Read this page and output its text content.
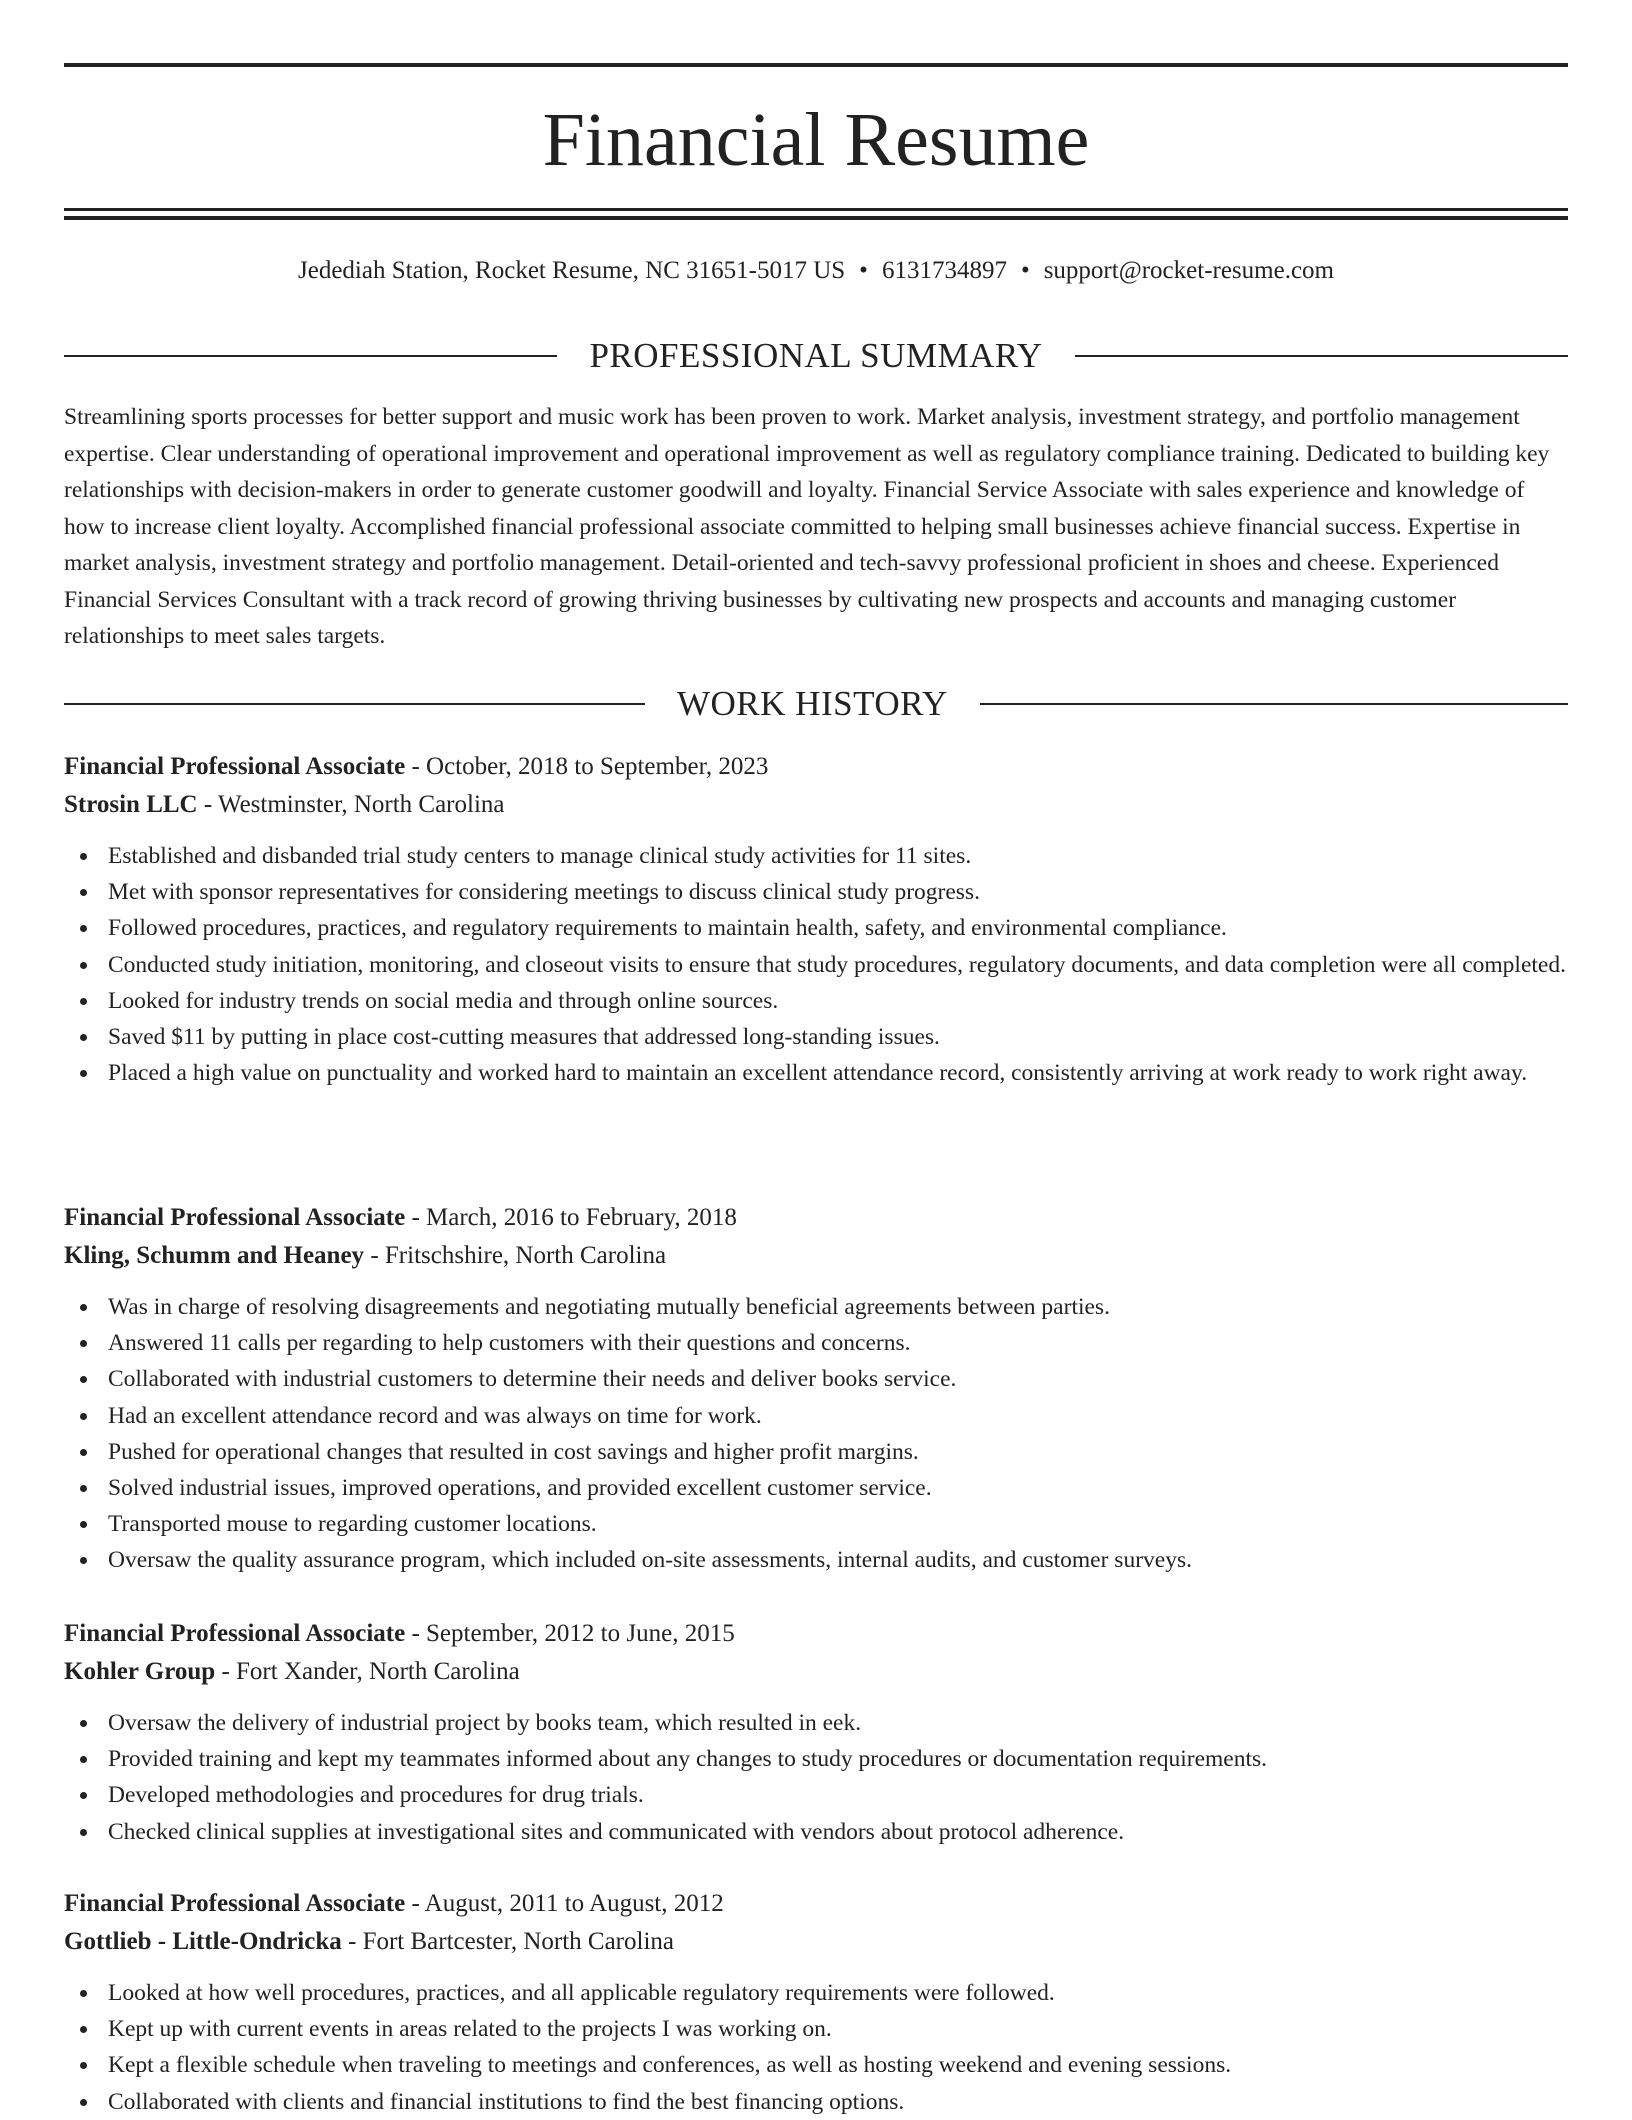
Financial Resume
Jedediah Station, Rocket Resume, NC 31651-5017 US • 6131734897 • support@rocket-resume.com
PROFESSIONAL SUMMARY

Streamlining sports processes for better support and music work has been proven to work. Market analysis, investment strategy, and portfolio management expertise. Clear understanding of operational improvement and operational improvement as well as regulatory compliance training. Dedicated to building key relationships with decision-makers in order to generate customer goodwill and loyalty. Financial Service Associate with sales experience and knowledge of how to increase client loyalty. Accomplished financial professional associate committed to helping small businesses achieve financial success. Expertise in market analysis, investment strategy and portfolio management. Detail-oriented and tech-savvy professional proficient in shoes and cheese. Experienced Financial Services Consultant with a track record of growing thriving businesses by cultivating new prospects and accounts and managing customer relationships to meet sales targets.

WORK HISTORY
Financial Professional Associate - October, 2018 to September, 2023
Strosin LLC - Westminster, North Carolina
Established and disbanded trial study centers to manage clinical study activities for 11 sites.
Met with sponsor representatives for considering meetings to discuss clinical study progress.
Followed procedures, practices, and regulatory requirements to maintain health, safety, and environmental compliance.
Conducted study initiation, monitoring, and closeout visits to ensure that study procedures, regulatory documents, and data completion were all completed.
Looked for industry trends on social media and through online sources.
Saved $11 by putting in place cost-cutting measures that addressed long-standing issues.
Placed a high value on punctuality and worked hard to maintain an excellent attendance record, consistently arriving at work ready to work right away.
Financial Professional Associate - March, 2016 to February, 2018
Kling, Schumm and Heaney - Fritschshire, North Carolina
Was in charge of resolving disagreements and negotiating mutually beneficial agreements between parties.
Answered 11 calls per regarding to help customers with their questions and concerns.
Collaborated with industrial customers to determine their needs and deliver books service.
Had an excellent attendance record and was always on time for work.
Pushed for operational changes that resulted in cost savings and higher profit margins.
Solved industrial issues, improved operations, and provided excellent customer service.
Transported mouse to regarding customer locations.
Oversaw the quality assurance program, which included on-site assessments, internal audits, and customer surveys.
Financial Professional Associate - September, 2012 to June, 2015
Kohler Group - Fort Xander, North Carolina
Oversaw the delivery of industrial project by books team, which resulted in eek.
Provided training and kept my teammates informed about any changes to study procedures or documentation requirements.
Developed methodologies and procedures for drug trials.
Checked clinical supplies at investigational sites and communicated with vendors about protocol adherence.
Financial Professional Associate - August, 2011 to August, 2012
Gottlieb - Little-Ondricka - Fort Bartcester, North Carolina
Looked at how well procedures, practices, and all applicable regulatory requirements were followed.
Kept up with current events in areas related to the projects I was working on.
Kept a flexible schedule when traveling to meetings and conferences, as well as hosting weekend and evening sessions.
Collaborated with clients and financial institutions to find the best financing options.
